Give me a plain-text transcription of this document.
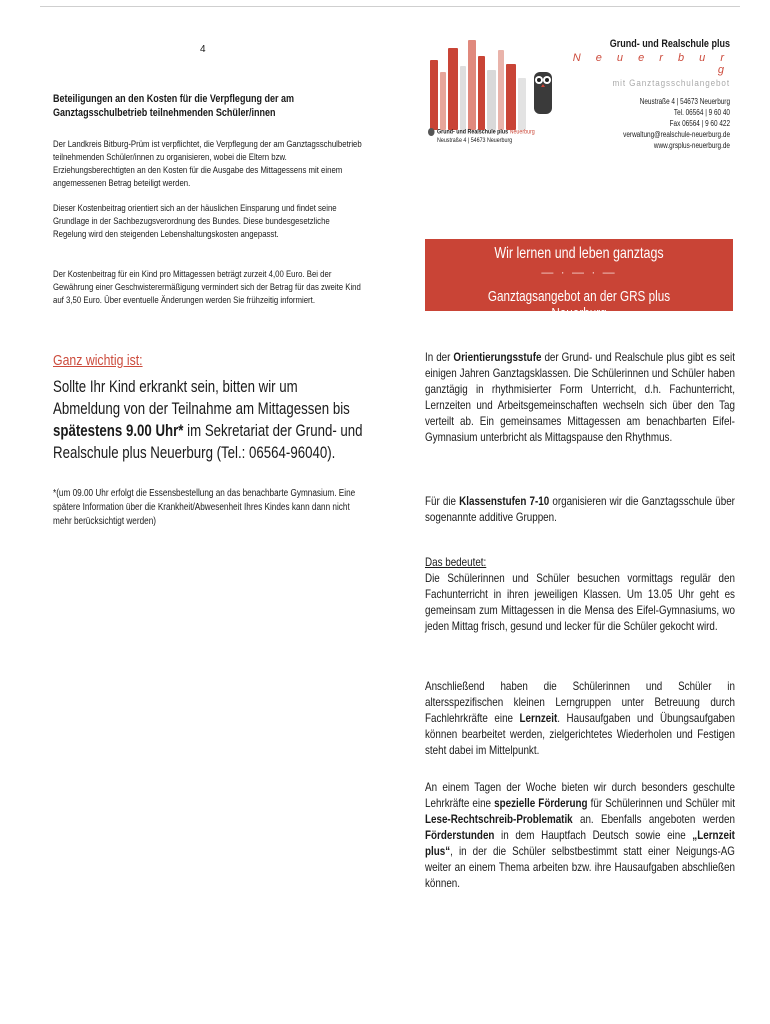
4
Grund- und Realschule plus Neuerburg
Neustraße 4 | 54673 Neuerburg
Grund- und Realschule plus
N e u e r b u r g
mit Ganztagsschulangebot
Neustraße 4 | 54673 Neuerburg
Tel. 06564 | 9 60 40
Fax 06564 | 9 60 422
verwaltung@realschule-neuerburg.de
www.grsplus-neuerburg.de
Beteiligungen an den Kosten für die Verpflegung der am Ganztagsschulbetrieb teilnehmenden Schüler/innen

Der Landkreis Bitburg-Prüm ist verpflichtet, die Verpflegung der am Ganztagsschulbetrieb teilnehmenden Schüler/innen zu organisieren, wobei die Eltern bzw. Erziehungsberechtigten an den Kosten für die Ausgabe des Mittagessens mit einem angemessenen Betrag beteiligt werden.

Dieser Kostenbeitrag orientiert sich an der häuslichen Einsparung und findet seine Grundlage in der Sachbezugsverordnung des Bundes. Diese bundesgesetzliche Regelung wird den steigenden Lebenshaltungskosten angepasst.

Der Kostenbeitrag für ein Kind pro Mittagessen beträgt zurzeit 4,00 Euro. Bei der Gewährung einer Geschwisterermäßigung vermindert sich der Betrag für das zweite Kind auf 3,50 Euro. Über eventuelle Änderungen werden Sie frühzeitig informiert.

Ganz wichtig ist:
Sollte Ihr Kind erkrankt sein, bitten wir um Abmeldung von der Teilnahme am Mittagessen bis spätestens 9.00 Uhr* im Sekretariat der Grund- und Realschule plus Neuerburg (Tel.: 06564-96040).

*(um 09.00 Uhr erfolgt die Essensbestellung an das benachbarte Gymnasium. Eine spätere Information über die Krankheit/Abwesenheit Ihres Kindes kann dann nicht mehr berücksichtigt werden)

Wir lernen und leben ganztags
— · — · —
Ganztagsangebot an der GRS plus Neuerburg

In der Orientierungsstufe der Grund- und Realschule plus gibt es seit einigen Jahren Ganztagsklassen. Die Schülerinnen und Schüler haben ganztägig in rhythmisierter Form Unterricht, d.h. Fachunterricht, Lernzeiten und Arbeitsgemeinschaften wechseln sich über den Tag verteilt ab. Ein gemeinsames Mittagessen am benachbarten Eifel-Gymnasium unterbricht als Mittagspause den Rhythmus.

Für die Klassenstufen 7-10 organisieren wir die Ganztagsschule über sogenannte additive Gruppen.

Das bedeutet:
Die Schülerinnen und Schüler besuchen vormittags regulär den Fachunterricht in ihren jeweiligen Klassen. Um 13.05 Uhr geht es gemeinsam zum Mittagessen in die Mensa des Eifel-Gymnasiums, wo jeden Mittag frisch, gesund und lecker für die Schüler gekocht wird.

Anschließend haben die Schülerinnen und Schüler in altersspezifischen kleinen Lerngruppen unter Betreuung durch Fachlehrkräfte eine Lernzeit. Hausaufgaben und Übungsaufgaben können bearbeitet werden, zielgerichtetes Wiederholen und Festigen steht dabei im Mittelpunkt.

An einem Tagen der Woche bieten wir durch besonders geschulte Lehrkräfte eine spezielle Förderung für Schülerinnen und Schüler mit Lese-Rechtschreib-Problematik an. Ebenfalls angeboten werden Förderstunden in dem Hauptfach Deutsch sowie eine „Lernzeit plus“, in der die Schüler selbstbestimmt statt einer Neigungs-AG weiter an einem Thema arbeiten bzw. ihre Hausaufgaben abschließen können.
